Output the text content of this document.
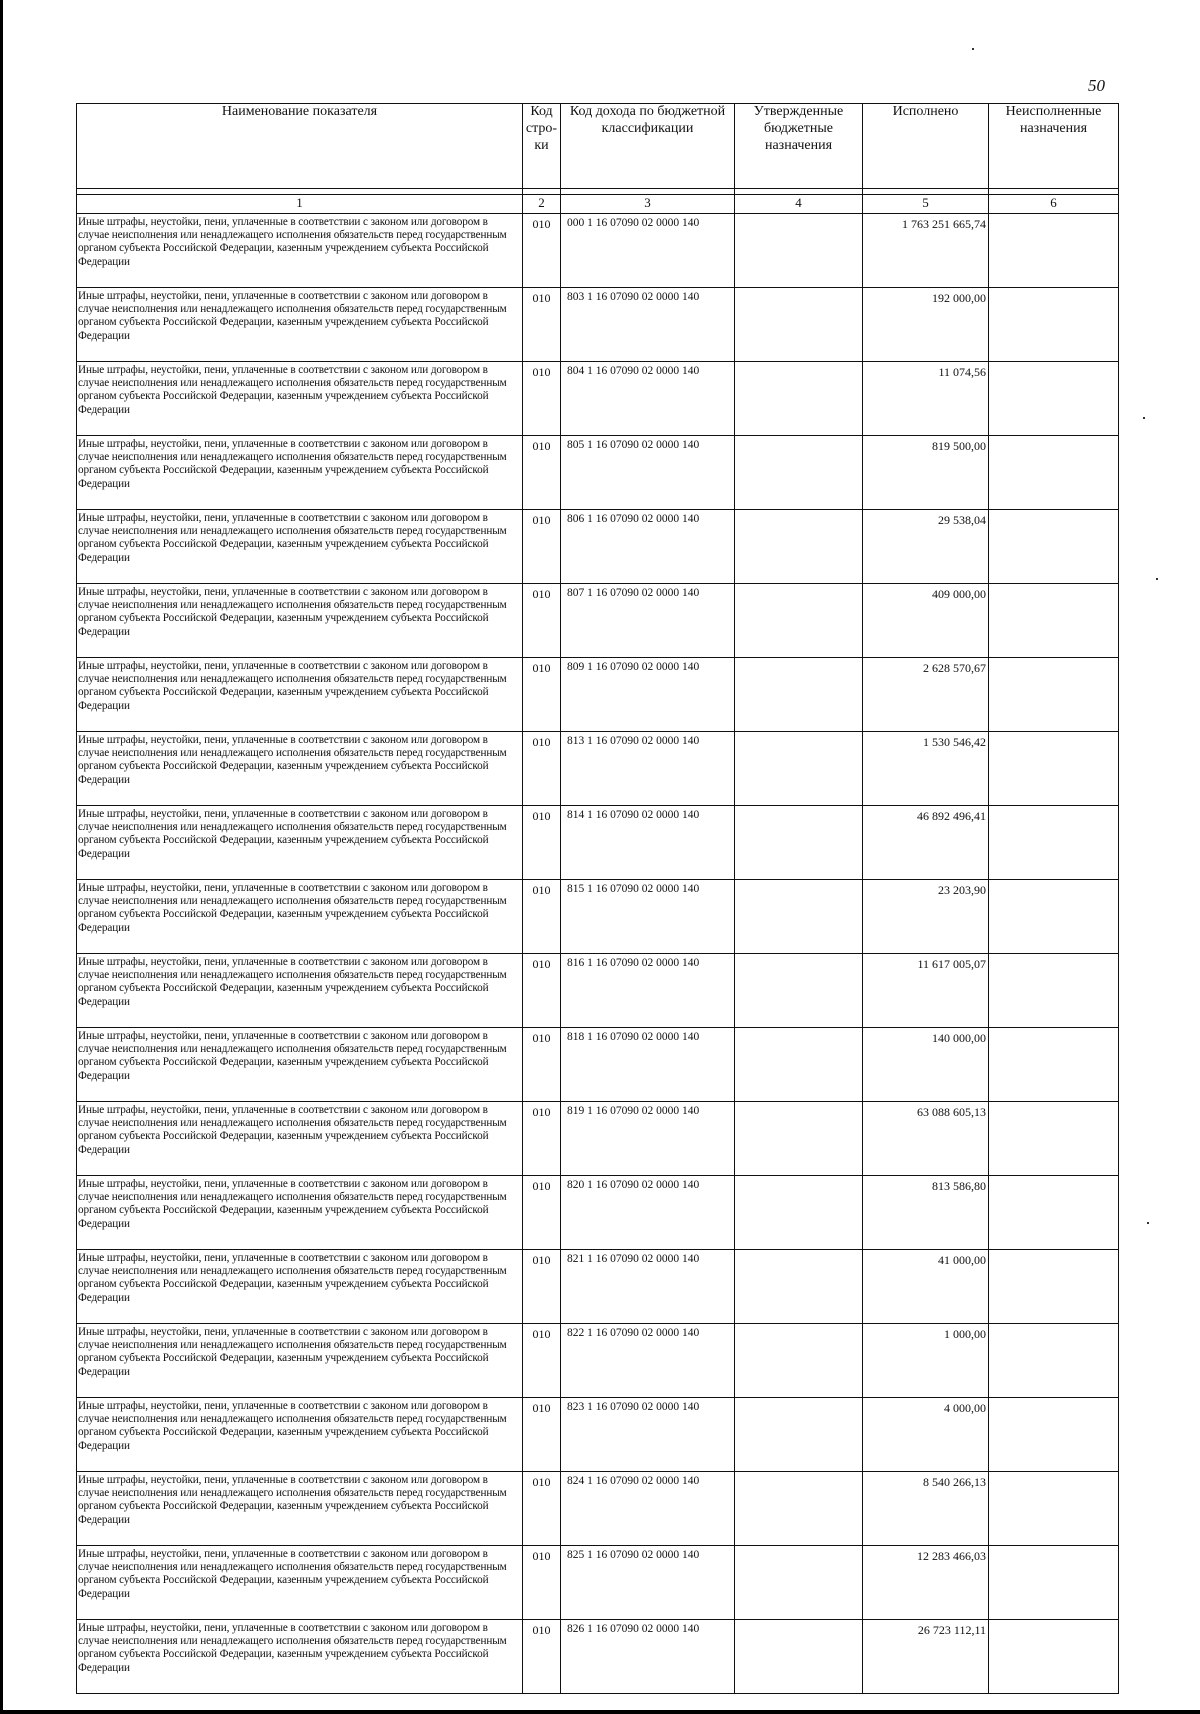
50
Наименование показателя	Код стро- ки	Код дохода по бюджетной классификации	Утвержденные бюджетные назначения	Исполнено	Неисполненные назначения

1	2	3	4	5	6
Иные штрафы, неустойки, пени, уплаченные в соответствии с законом или договором в случае неисполнения или ненадлежащего исполнения обязательств перед государственным органом субъекта Российской Федерации, казенным учреждением субъекта Российской Федерации	010	000 1 16 07090 02 0000 140		1 763 251 665,74	
Иные штрафы, неустойки, пени, уплаченные в соответствии с законом или договором в случае неисполнения или ненадлежащего исполнения обязательств перед государственным органом субъекта Российской Федерации, казенным учреждением субъекта Российской Федерации	010	803 1 16 07090 02 0000 140		192 000,00	
Иные штрафы, неустойки, пени, уплаченные в соответствии с законом или договором в случае неисполнения или ненадлежащего исполнения обязательств перед государственным органом субъекта Российской Федерации, казенным учреждением субъекта Российской Федерации	010	804 1 16 07090 02 0000 140		11 074,56	
Иные штрафы, неустойки, пени, уплаченные в соответствии с законом или договором в случае неисполнения или ненадлежащего исполнения обязательств перед государственным органом субъекта Российской Федерации, казенным учреждением субъекта Российской Федерации	010	805 1 16 07090 02 0000 140		819 500,00	
Иные штрафы, неустойки, пени, уплаченные в соответствии с законом или договором в случае неисполнения или ненадлежащего исполнения обязательств перед государственным органом субъекта Российской Федерации, казенным учреждением субъекта Российской Федерации	010	806 1 16 07090 02 0000 140		29 538,04	
Иные штрафы, неустойки, пени, уплаченные в соответствии с законом или договором в случае неисполнения или ненадлежащего исполнения обязательств перед государственным органом субъекта Российской Федерации, казенным учреждением субъекта Российской Федерации	010	807 1 16 07090 02 0000 140		409 000,00	
Иные штрафы, неустойки, пени, уплаченные в соответствии с законом или договором в случае неисполнения или ненадлежащего исполнения обязательств перед государственным органом субъекта Российской Федерации, казенным учреждением субъекта Российской Федерации	010	809 1 16 07090 02 0000 140		2 628 570,67	
Иные штрафы, неустойки, пени, уплаченные в соответствии с законом или договором в случае неисполнения или ненадлежащего исполнения обязательств перед государственным органом субъекта Российской Федерации, казенным учреждением субъекта Российской Федерации	010	813 1 16 07090 02 0000 140		1 530 546,42	
Иные штрафы, неустойки, пени, уплаченные в соответствии с законом или договором в случае неисполнения или ненадлежащего исполнения обязательств перед государственным органом субъекта Российской Федерации, казенным учреждением субъекта Российской Федерации	010	814 1 16 07090 02 0000 140		46 892 496,41	
Иные штрафы, неустойки, пени, уплаченные в соответствии с законом или договором в случае неисполнения или ненадлежащего исполнения обязательств перед государственным органом субъекта Российской Федерации, казенным учреждением субъекта Российской Федерации	010	815 1 16 07090 02 0000 140		23 203,90	
Иные штрафы, неустойки, пени, уплаченные в соответствии с законом или договором в случае неисполнения или ненадлежащего исполнения обязательств перед государственным органом субъекта Российской Федерации, казенным учреждением субъекта Российской Федерации	010	816 1 16 07090 02 0000 140		11 617 005,07	
Иные штрафы, неустойки, пени, уплаченные в соответствии с законом или договором в случае неисполнения или ненадлежащего исполнения обязательств перед государственным органом субъекта Российской Федерации, казенным учреждением субъекта Российской Федерации	010	818 1 16 07090 02 0000 140		140 000,00	
Иные штрафы, неустойки, пени, уплаченные в соответствии с законом или договором в случае неисполнения или ненадлежащего исполнения обязательств перед государственным органом субъекта Российской Федерации, казенным учреждением субъекта Российской Федерации	010	819 1 16 07090 02 0000 140		63 088 605,13	
Иные штрафы, неустойки, пени, уплаченные в соответствии с законом или договором в случае неисполнения или ненадлежащего исполнения обязательств перед государственным органом субъекта Российской Федерации, казенным учреждением субъекта Российской Федерации	010	820 1 16 07090 02 0000 140		813 586,80	
Иные штрафы, неустойки, пени, уплаченные в соответствии с законом или договором в случае неисполнения или ненадлежащего исполнения обязательств перед государственным органом субъекта Российской Федерации, казенным учреждением субъекта Российской Федерации	010	821 1 16 07090 02 0000 140		41 000,00	
Иные штрафы, неустойки, пени, уплаченные в соответствии с законом или договором в случае неисполнения или ненадлежащего исполнения обязательств перед государственным органом субъекта Российской Федерации, казенным учреждением субъекта Российской Федерации	010	822 1 16 07090 02 0000 140		1 000,00	
Иные штрафы, неустойки, пени, уплаченные в соответствии с законом или договором в случае неисполнения или ненадлежащего исполнения обязательств перед государственным органом субъекта Российской Федерации, казенным учреждением субъекта Российской Федерации	010	823 1 16 07090 02 0000 140		4 000,00	
Иные штрафы, неустойки, пени, уплаченные в соответствии с законом или договором в случае неисполнения или ненадлежащего исполнения обязательств перед государственным органом субъекта Российской Федерации, казенным учреждением субъекта Российской Федерации	010	824 1 16 07090 02 0000 140		8 540 266,13	
Иные штрафы, неустойки, пени, уплаченные в соответствии с законом или договором в случае неисполнения или ненадлежащего исполнения обязательств перед государственным органом субъекта Российской Федерации, казенным учреждением субъекта Российской Федерации	010	825 1 16 07090 02 0000 140		12 283 466,03	
Иные штрафы, неустойки, пени, уплаченные в соответствии с законом или договором в случае неисполнения или ненадлежащего исполнения обязательств перед государственным органом субъекта Российской Федерации, казенным учреждением субъекта Российской Федерации	010	826 1 16 07090 02 0000 140		26 723 112,11	
